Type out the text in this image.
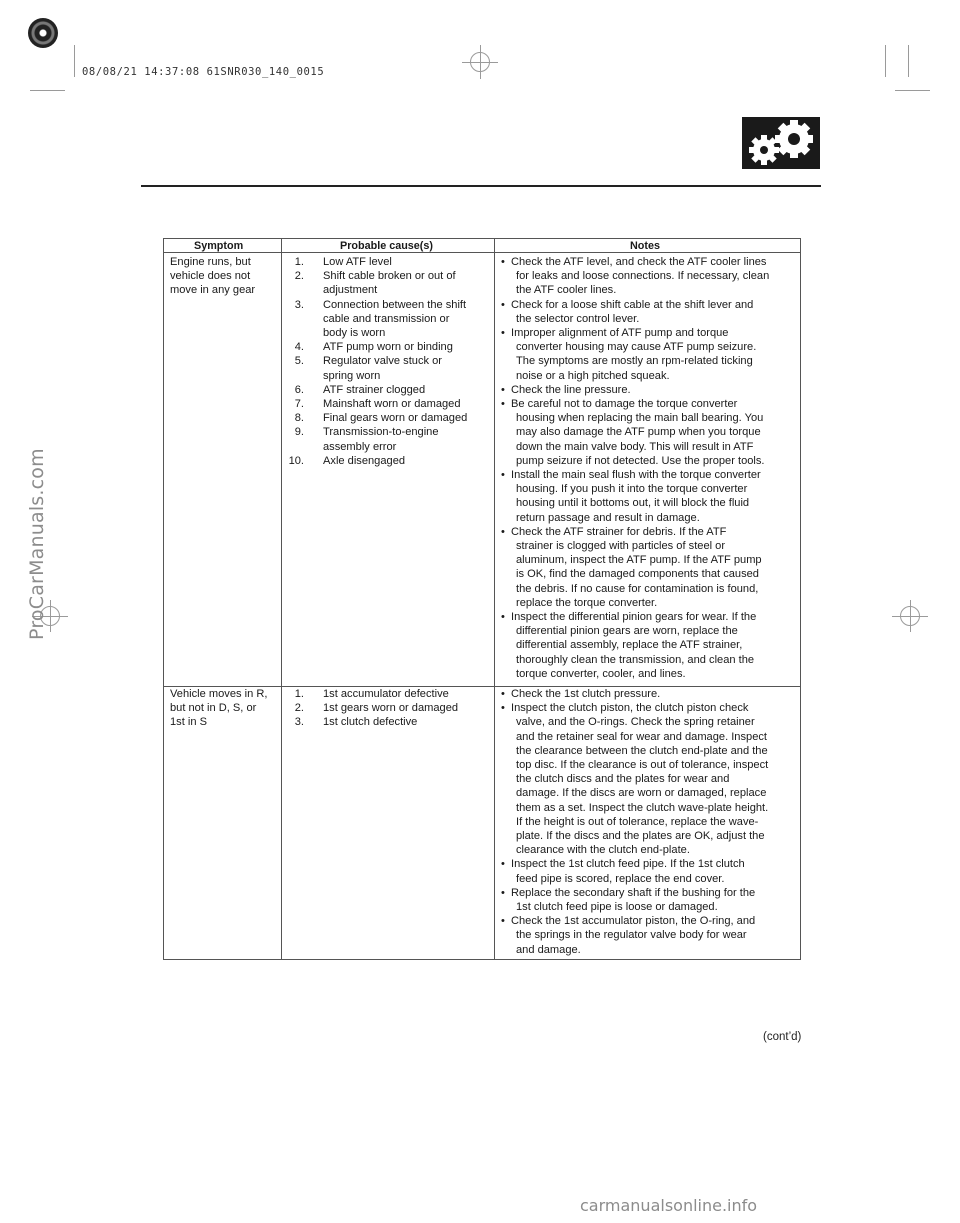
08/08/21 14:37:08 61SNR030_140_0015
ProCarManuals.com
carmanualsonline.info
Symptom	Probable cause(s)	Notes
Engine runs, but
vehicle does not
move in any gear
1. Low ATF level
2. Shift cable broken or out of
adjustment
3. Connection between the shift
cable and transmission or
body is worn
4. ATF pump worn or binding
5. Regulator valve stuck or
spring worn
6. ATF strainer clogged
7. Mainshaft worn or damaged
8. Final gears worn or damaged
9. Transmission-to-engine
assembly error
10. Axle disengaged
• Check the ATF level, and check the ATF cooler lines
for leaks and loose connections. If necessary, clean
the ATF cooler lines.
• Check for a loose shift cable at the shift lever and
the selector control lever.
• Improper alignment of ATF pump and torque
converter housing may cause ATF pump seizure.
The symptoms are mostly an rpm-related ticking
noise or a high pitched squeak.
• Check the line pressure.
• Be careful not to damage the torque converter
housing when replacing the main ball bearing. You
may also damage the ATF pump when you torque
down the main valve body. This will result in ATF
pump seizure if not detected. Use the proper tools.
• Install the main seal flush with the torque converter
housing. If you push it into the torque converter
housing until it bottoms out, it will block the fluid
return passage and result in damage.
• Check the ATF strainer for debris. If the ATF
strainer is clogged with particles of steel or
aluminum, inspect the ATF pump. If the ATF pump
is OK, find the damaged components that caused
the debris. If no cause for contamination is found,
replace the torque converter.
• Inspect the differential pinion gears for wear. If the
differential pinion gears are worn, replace the
differential assembly, replace the ATF strainer,
thoroughly clean the transmission, and clean the
torque converter, cooler, and lines.
Vehicle moves in R,
but not in D, S, or
1st in S
1. 1st accumulator defective
2. 1st gears worn or damaged
3. 1st clutch defective
• Check the 1st clutch pressure.
• Inspect the clutch piston, the clutch piston check
valve, and the O-rings. Check the spring retainer
and the retainer seal for wear and damage. Inspect
the clearance between the clutch end-plate and the
top disc. If the clearance is out of tolerance, inspect
the clutch discs and the plates for wear and
damage. If the discs are worn or damaged, replace
them as a set. Inspect the clutch wave-plate height.
If the height is out of tolerance, replace the wave-
plate. If the discs and the plates are OK, adjust the
clearance with the clutch end-plate.
• Inspect the 1st clutch feed pipe. If the 1st clutch
feed pipe is scored, replace the end cover.
• Replace the secondary shaft if the bushing for the
1st clutch feed pipe is loose or damaged.
• Check the 1st accumulator piston, the O-ring, and
the springs in the regulator valve body for wear
and damage.
(cont’d)
